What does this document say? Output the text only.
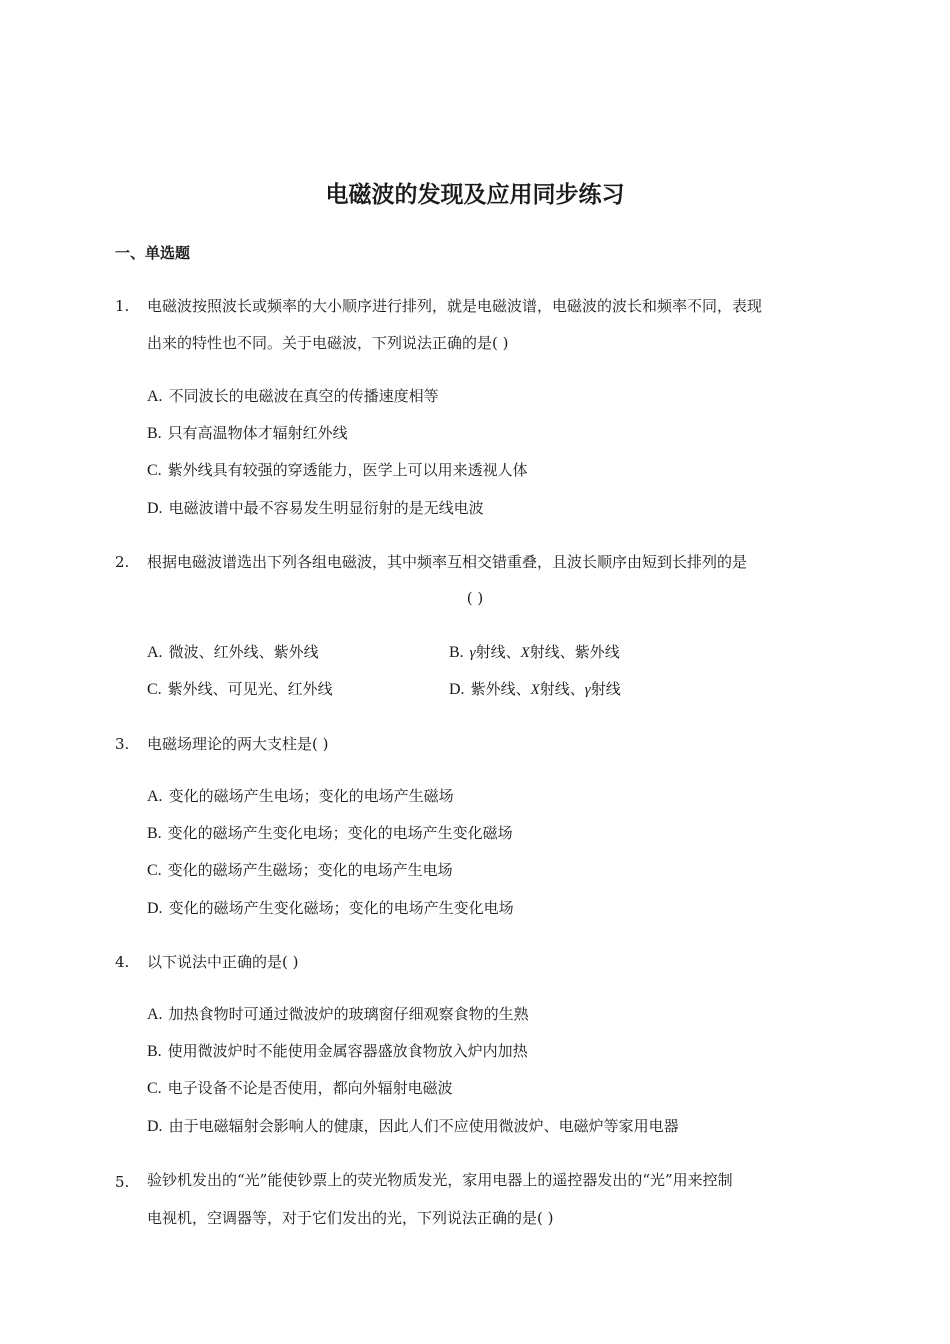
电磁波的发现及应用同步练习
一、单选题
1. 电磁波按照波长或频率的大小顺序进行排列，就是电磁波谱，电磁波的波长和频率不同，表现
出来的特性也不同。关于电磁波，下列说法正确的是( )
A. 不同波长的电磁波在真空的传播速度相等
B. 只有高温物体才辐射红外线
C. 紫外线具有较强的穿透能力，医学上可以用来透视人体
D. 电磁波谱中最不容易发生明显衍射的是无线电波
2. 根据电磁波谱选出下列各组电磁波，其中频率互相交错重叠，且波长顺序由短到长排列的是
( )
A. 微波、红外线、紫外线	B. γ射线、X射线、紫外线
C. 紫外线、可见光、红外线	D. 紫外线、X射线、γ射线
3. 电磁场理论的两大支柱是( )
A. 变化的磁场产生电场；变化的电场产生磁场
B. 变化的磁场产生变化电场；变化的电场产生变化磁场
C. 变化的磁场产生磁场；变化的电场产生电场
D. 变化的磁场产生变化磁场；变化的电场产生变化电场
4. 以下说法中正确的是( )
A. 加热食物时可通过微波炉的玻璃窗仔细观察食物的生熟
B. 使用微波炉时不能使用金属容器盛放食物放入炉内加热
C. 电子设备不论是否使用，都向外辐射电磁波
D. 由于电磁辐射会影响人的健康，因此人们不应使用微波炉、电磁炉等家用电器
5. 验钞机发出的“光”能使钞票上的荧光物质发光，家用电器上的遥控器发出的“光”用来控制
电视机，空调器等，对于它们发出的光，下列说法正确的是( )
